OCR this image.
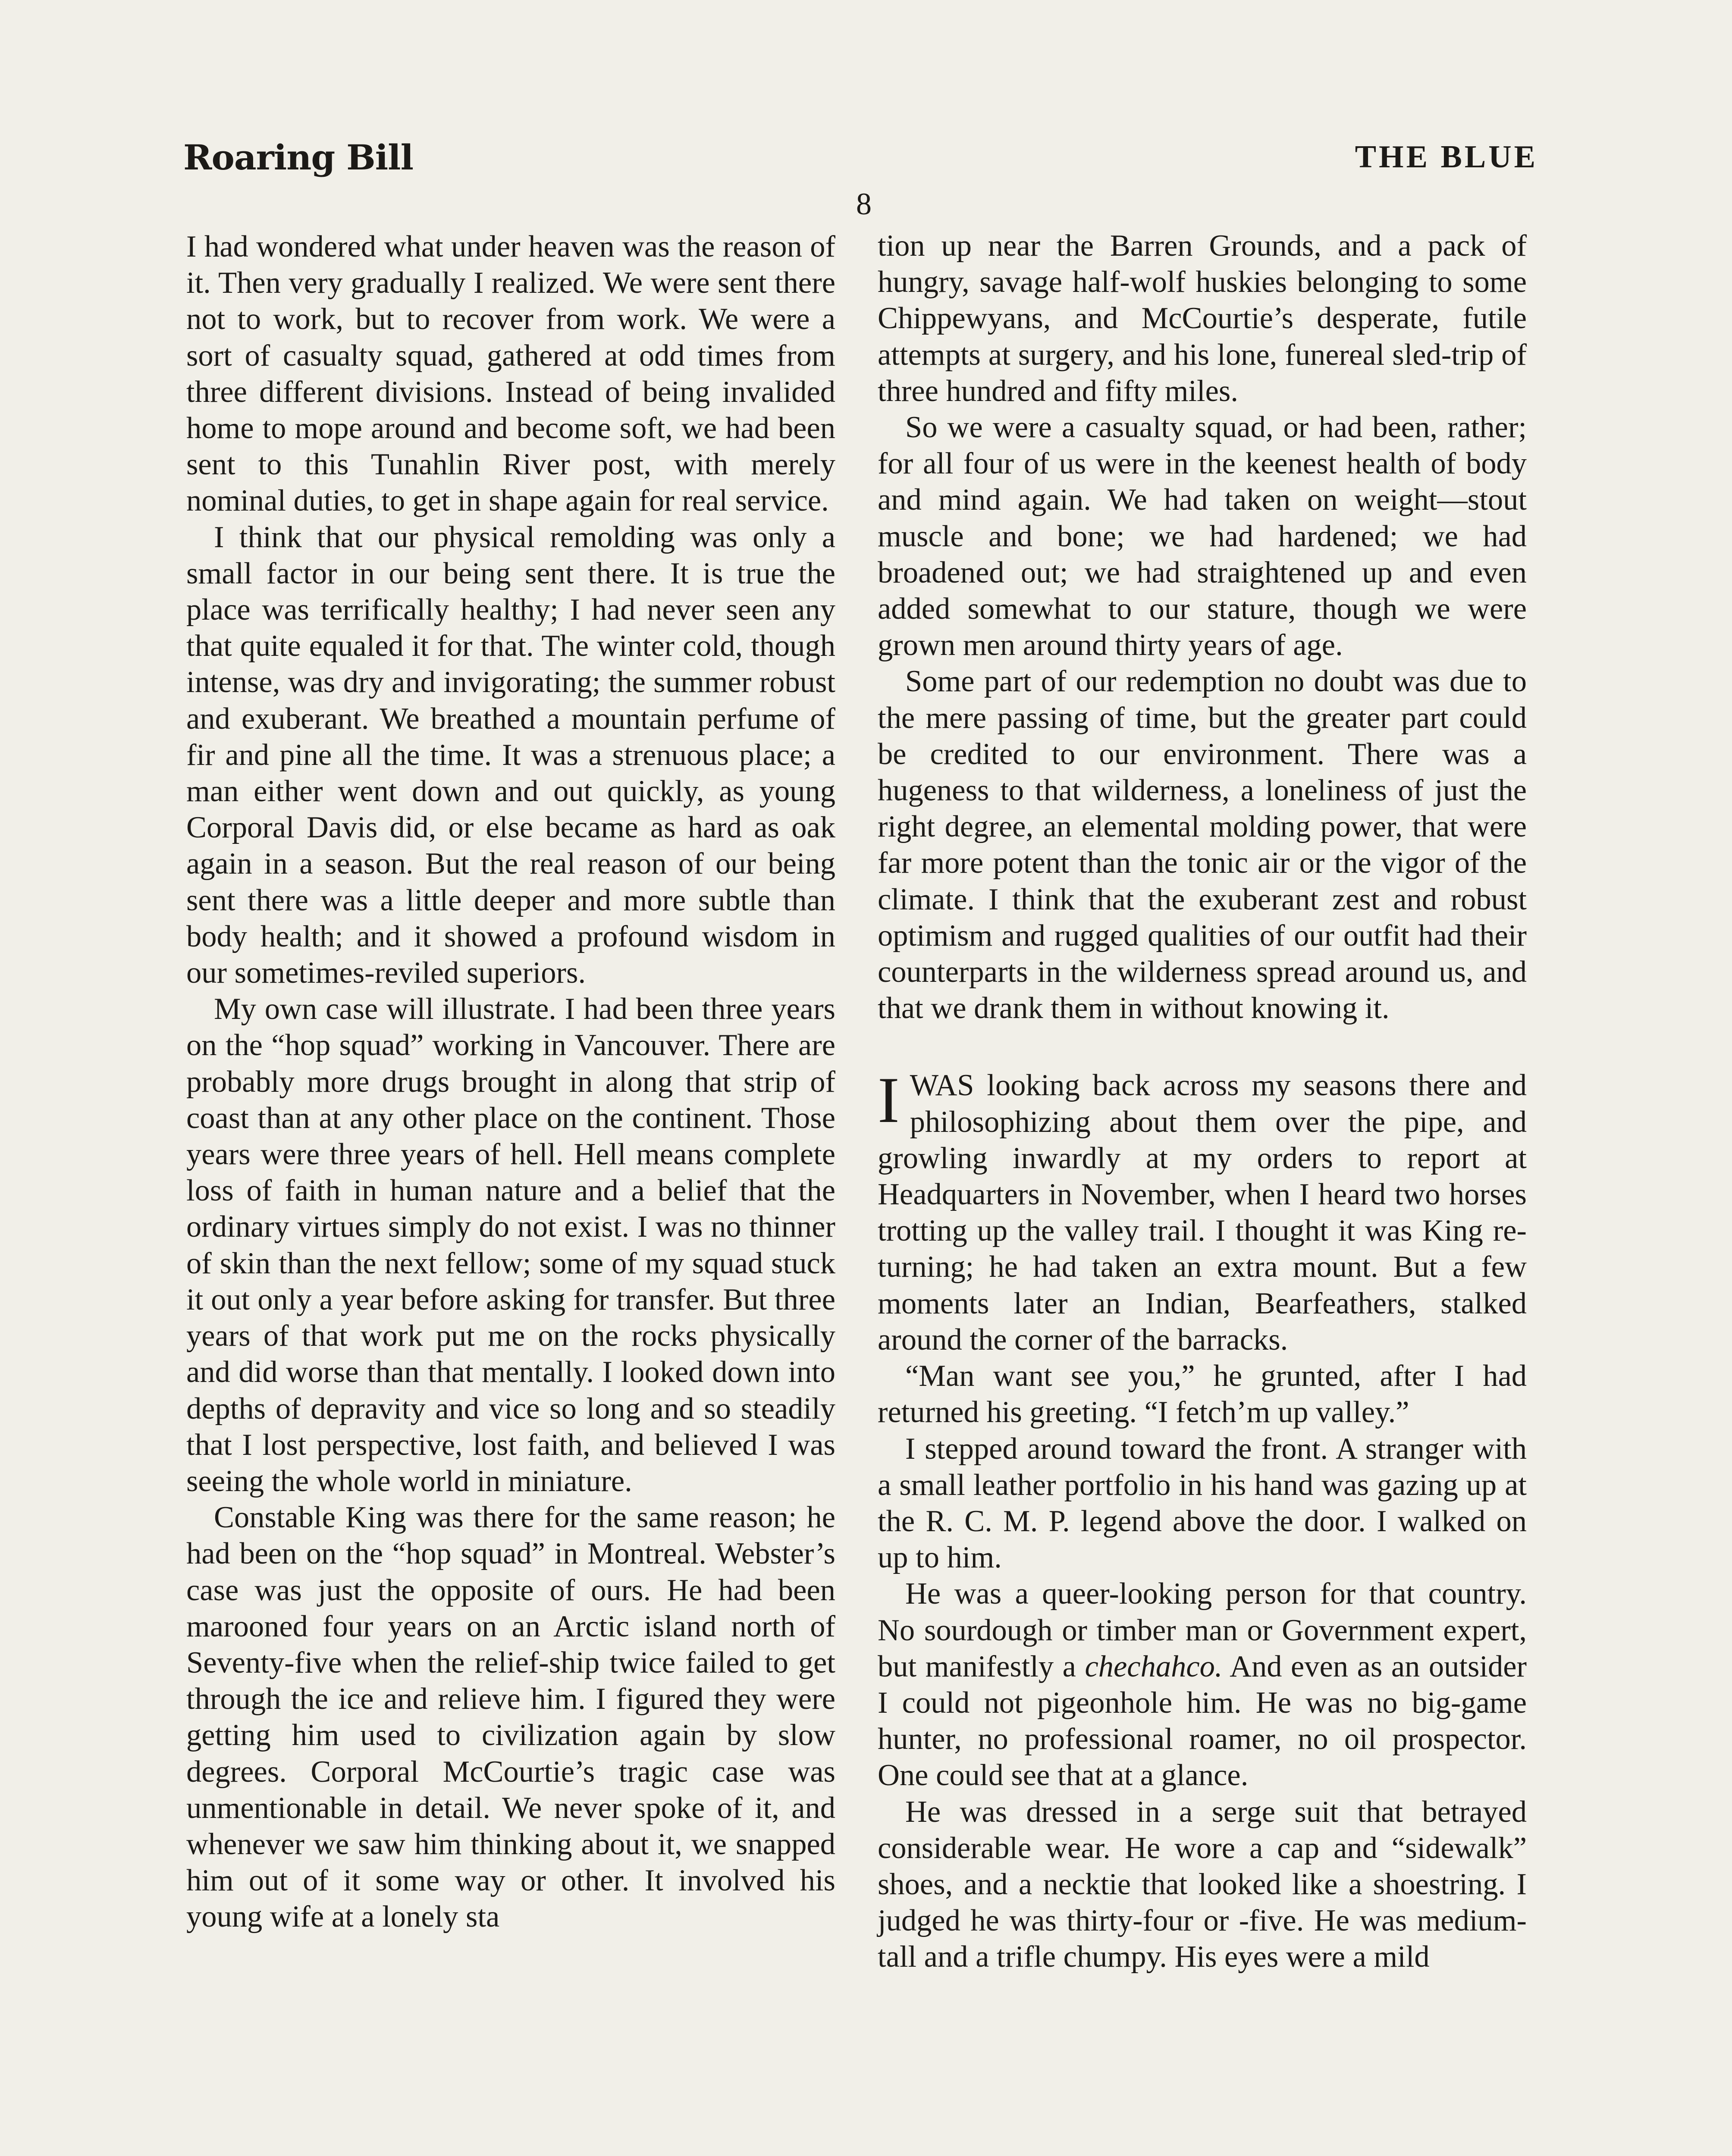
Roaring Bill	THE BLUE
8

I had wondered what under heaven was the reason of it. Then very gradually I realized. We were sent there not to work, but to recover from work. We were a sort of casualty squad, gathered at odd times from three different divisions. Instead of being invalided home to mope around and become soft, we had been sent to this Tunahlin River post, with merely nominal duties, to get in shape again for real service.

I think that our physical remolding was only a small factor in our being sent there. It is true the place was terrifically healthy; I had never seen any that quite equaled it for that. The winter cold, though intense, was dry and invigorating; the summer robust and exuberant. We breathed a mountain perfume of fir and pine all the time. It was a strenuous place; a man either went down and out quickly, as young Corporal Davis did, or else became as hard as oak again in a season. But the real reason of our being sent there was a little deeper and more subtle than body health; and it showed a profound wisdom in our sometimes-reviled superiors.

My own case will illustrate. I had been three years on the “hop squad” working in Vancouver. There are probably more drugs brought in along that strip of coast than at any other place on the continent. Those years were three years of hell. Hell means complete loss of faith in human nature and a belief that the ordinary virtues simply do not exist. I was no thinner of skin than the next fellow; some of my squad stuck it out only a year before asking for transfer. But three years of that work put me on the rocks physically and did worse than that mentally. I looked down into depths of depravity and vice so long and so steadily that I lost perspective, lost faith, and believed I was seeing the whole world in miniature.

Constable King was there for the same reason; he had been on the “hop squad” in Montreal. Webster’s case was just the opposite of ours. He had been marooned four years on an Arctic island north of Seventy-five when the relief-ship twice failed to get through the ice and relieve him. I figured they were getting him used to civilization again by slow degrees. Corporal McCourtie’s tragic case was unmentionable in detail. We never spoke of it, and whenever we saw him thinking about it, we snapped him out of it some way or other. It involved his young wife at a lonely sta

tion up near the Barren Grounds, and a pack of hungry, savage half-wolf huskies belonging to some Chippewyans, and McCourtie’s desperate, futile attempts at surgery, and his lone, funereal sled-trip of three hundred and fifty miles.

So we were a casualty squad, or had been, rather; for all four of us were in the keenest health of body and mind again. We had taken on weight—stout muscle and bone; we had hardened; we had broadened out; we had straightened up and even added somewhat to our stature, though we were grown men around thirty years of age.

Some part of our redemption no doubt was due to the mere passing of time, but the greater part could be credited to our environment. There was a hugeness to that wilderness, a loneliness of just the right degree, an elemental molding power, that were far more potent than the tonic air or the vigor of the climate. I think that the exuberant zest and robust optimism and rugged qualities of our outfit had their counterparts in the wilderness spread around us, and that we drank them in without knowing it.

IWAS looking back across my seasons there and philosophizing about them over the pipe, and growling inwardly at my orders to report at Headquarters in November, when I heard two horses trotting up the valley trail. I thought it was King returning; he had taken an extra mount. But a few moments later an Indian, Bearfeathers, stalked around the corner of the barracks.

“Man want see you,” he grunted, after I had returned his greeting. “I fetch’m up valley.”

I stepped around toward the front. A stranger with a small leather portfolio in his hand was gazing up at the R. C. M. P. legend above the door. I walked on up to him.

He was a queer-looking person for that country. No sourdough or timber man or Government expert, but manifestly a chechahco. And even as an outsider I could not pigeonhole him. He was no big-game hunter, no professional roamer, no oil prospector. One could see that at a glance.

He was dressed in a serge suit that betrayed considerable wear. He wore a cap and “sidewalk” shoes, and a necktie that looked like a shoestring. I judged he was thirty-four or -five. He was medium-tall and a trifle chumpy. His eyes were a mild
